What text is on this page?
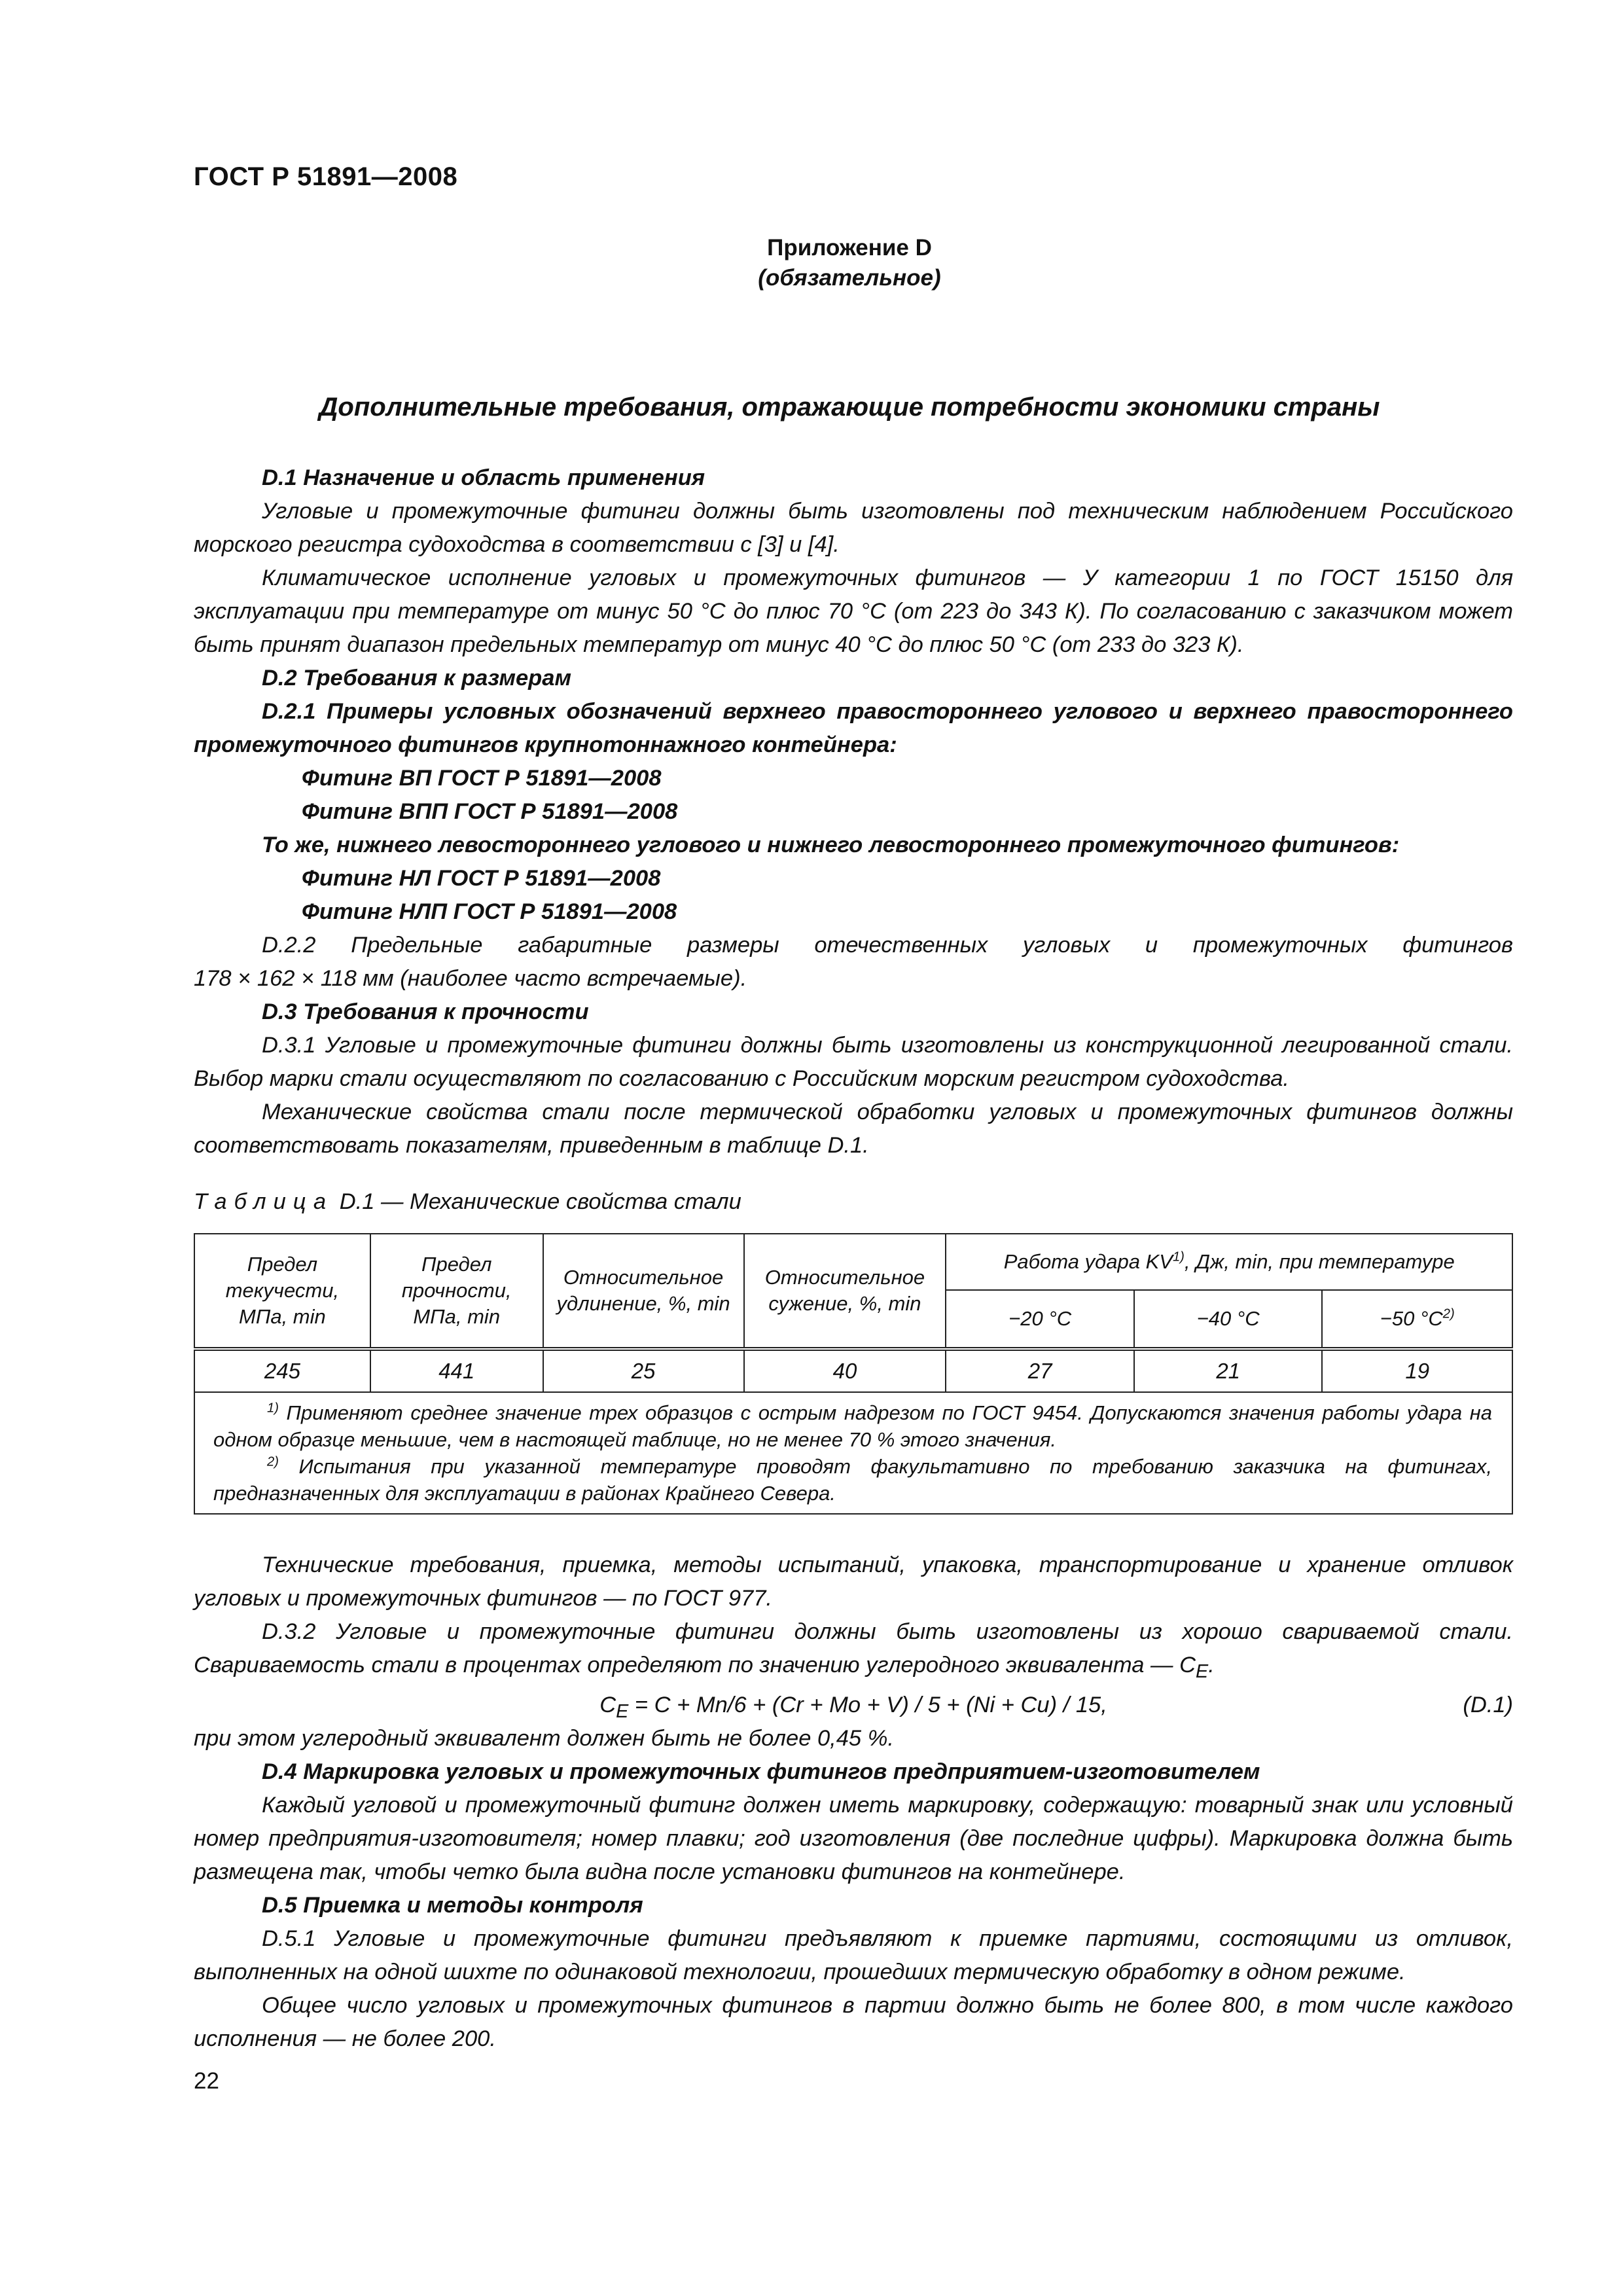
ГОСТ Р 51891—2008
Приложение D
(обязательное)
Дополнительные требования, отражающие потребности экономики страны

D.1 Назначение и область применения

Угловые и промежуточные фитинги должны быть изготовлены под техническим наблюдением Российского морского регистра судоходства в соответствии с [3] и [4].

Климатическое исполнение угловых и промежуточных фитингов — У категории 1 по ГОСТ 15150 для эксплуатации при температуре от минус 50 °С до плюс 70 °С (от 223 до 343 К). По согласованию с заказчиком может быть принят диапазон предельных температур от минус 40 °С до плюс 50 °С (от 233 до 323 К).

D.2 Требования к размерам

D.2.1 Примеры условных обозначений верхнего правостороннего углового и верхнего правостороннего промежуточного фитингов крупнотоннажного контейнера:

Фитинг ВП ГОСТ Р 51891—2008

Фитинг ВПП ГОСТ Р 51891—2008

То же, нижнего левостороннего углового и нижнего левостороннего промежуточного фитингов:

Фитинг НЛ ГОСТ Р 51891—2008

Фитинг НЛП ГОСТ Р 51891—2008

D.2.2 Предельные габаритные размеры отечественных угловых и промежуточных фитингов

178 × 162 × 118 мм (наиболее часто встречаемые).

D.3 Требования к прочности

D.3.1 Угловые и промежуточные фитинги должны быть изготовлены из конструкционной легированной стали. Выбор марки стали осуществляют по согласованию с Российским морским регистром судоходства.

Механические свойства стали после термической обработки угловых и промежуточных фитингов должны соответствовать показателям, приведенным в таблице D.1.

Таблица D.1 — Механические свойства стали
Предел текучести, МПа, min	Предел прочности, МПа, min	Относительное удлинение, %, min	Относительное сужение, %, min	Работа удара KV$^{1)}$, Дж, min, при температуре		
				−20 °C	−40 °C	−50 $^\circ C^{2)}$
245	441	25	40	27	21	19

$^{1)}$ Применяют среднее значение трех образцов с острым надрезом по ГОСТ 9454. Допускаются значения работы удара на одном образце меньшие, чем в настоящей таблице, но не менее 70 % этого значения.

$^{2)}$ Испытания при указанной температуре проводят факультативно по требованию заказчика на фитингах, предназначенных для эксплуатации в районах Крайнего Севера.						

Технические требования, приемка, методы испытаний, упаковка, транспортирование и хранение отливок угловых и промежуточных фитингов — по ГОСТ 977.

D.3.2 Угловые и промежуточные фитинги должны быть изготовлены из хорошо свариваемой стали. Свариваемость стали в процентах определяют по значению углеродного эквивалента — $C_E$.

$C_E = C + Mn/6 + (Cr + Mo + V) / 5 + (Ni + Cu) / 15$,	(D.1)

при этом углеродный эквивалент должен быть не более 0,45 %.

D.4 Маркировка угловых и промежуточных фитингов предприятием-изготовителем

Каждый угловой и промежуточный фитинг должен иметь маркировку, содержащую: товарный знак или условный номер предприятия-изготовителя; номер плавки; год изготовления (две последние цифры). Маркировка должна быть размещена так, чтобы четко была видна после установки фитингов на контейнере.

D.5 Приемка и методы контроля

D.5.1 Угловые и промежуточные фитинги предъявляют к приемке партиями, состоящими из отливок, выполненных на одной шихте по одинаковой технологии, прошедших термическую обработку в одном режиме.

Общее число угловых и промежуточных фитингов в партии должно быть не более 800, в том числе каждого исполнения — не более 200.

22
